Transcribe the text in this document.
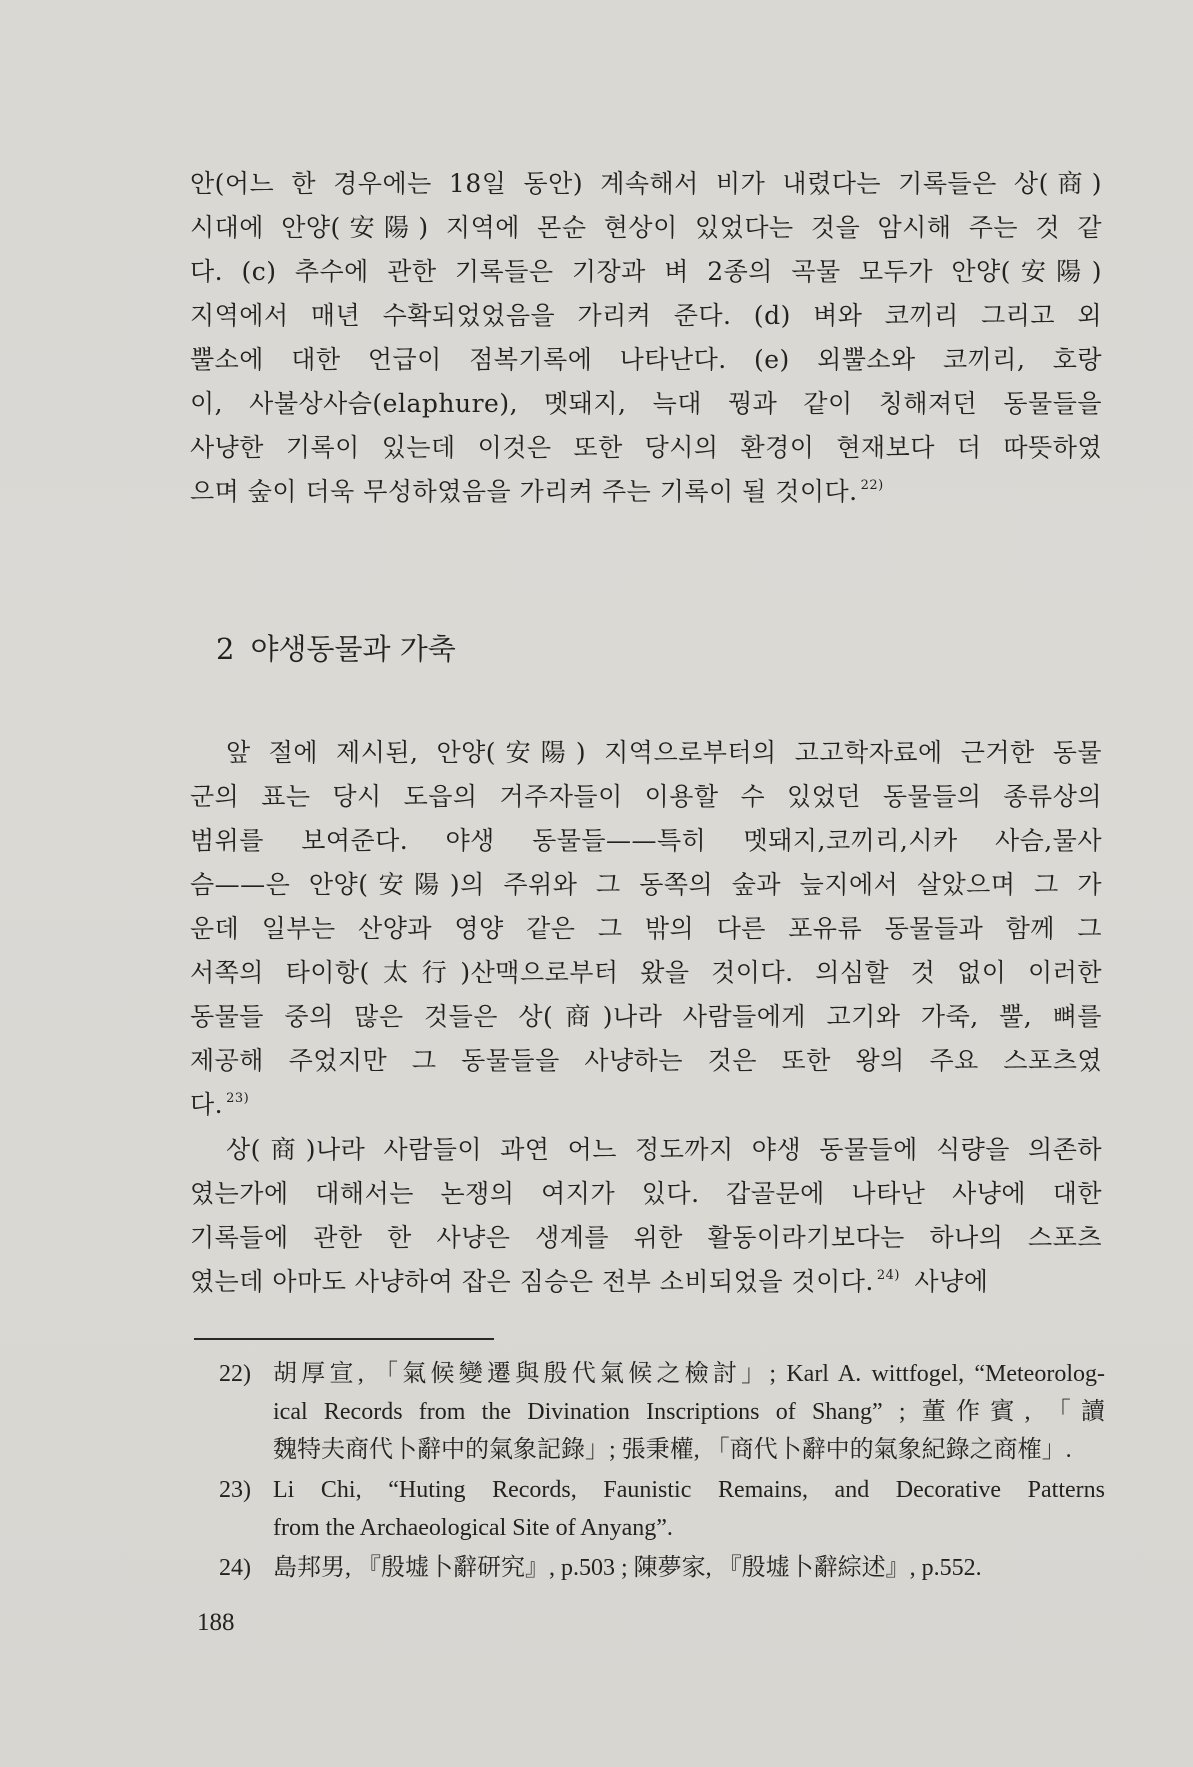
안(어느 한 경우에는 18일 동안) 계속해서 비가 내렸다는 기록들은 상(商)
시대에 안양(安陽) 지역에 몬순 현상이 있었다는 것을 암시해 주는 것 같
다. (c) 추수에 관한 기록들은 기장과 벼 2종의 곡물 모두가 안양(安陽)
지역에서 매년 수확되었었음을 가리켜 준다. (d) 벼와 코끼리 그리고 외
뿔소에 대한 언급이 점복기록에 나타난다. (e) 외뿔소와 코끼리, 호랑
이, 사불상사슴(elaphure), 멧돼지, 늑대 꿩과 같이 칭해져던 동물들을
사냥한 기록이 있는데 이것은 또한 당시의 환경이 현재보다 더 따뜻하였
으며 숲이 더욱 무성하였음을 가리켜 주는 기록이 될 것이다. $^{22)}$
2 야생동물과 가축
앞 절에 제시된, 안양(安陽) 지역으로부터의 고고학자료에 근거한 동물
군의 표는 당시 도읍의 거주자들이 이용할 수 있었던 동물들의 종류상의
범위를 보여준다. 야생 동물들——특히 멧돼지,코끼리,시카 사슴,물사
슴——은 안양(安陽)의 주위와 그 동쪽의 숲과 늪지에서 살았으며 그 가
운데 일부는 산양과 영양 같은 그 밖의 다른 포유류 동물들과 함께 그
서쪽의 타이항(太行)산맥으로부터 왔을 것이다. 의심할 것 없이 이러한
동물들 중의 많은 것들은 상(商)나라 사람들에게 고기와 가죽, 뿔, 뼈를
제공해 주었지만 그 동물들을 사냥하는 것은 또한 왕의 주요 스포츠였
다. $^{23)}$
상(商)나라 사람들이 과연 어느 정도까지 야생 동물들에 식량을 의존하
였는가에 대해서는 논쟁의 여지가 있다. 갑골문에 나타난 사냥에 대한
기록들에 관한 한 사냥은 생계를 위한 활동이라기보다는 하나의 스포츠
였는데 아마도 사냥하여 잡은 짐승은 전부 소비되었을 것이다. $^{24)}$ 사냥에
22) 胡厚宣, 「氣候變遷與殷代氣候之檢討」; Karl A. wittfogel, “Meteorolog-
ical Records from the Divination Inscriptions of Shang” ; 董作賓, 「讀
魏特夫商代卜辭中的氣象記錄」; 張秉權, 「商代卜辭中的氣象紀錄之商榷」.
23) Li Chi, “Huting Records, Faunistic Remains, and Decorative Patterns
from the Archaeological Site of Anyang”.
24) 島邦男, 『殷墟卜辭研究』, p.503 ; 陳夢家, 『殷墟卜辭綜述』, p.552.
188
